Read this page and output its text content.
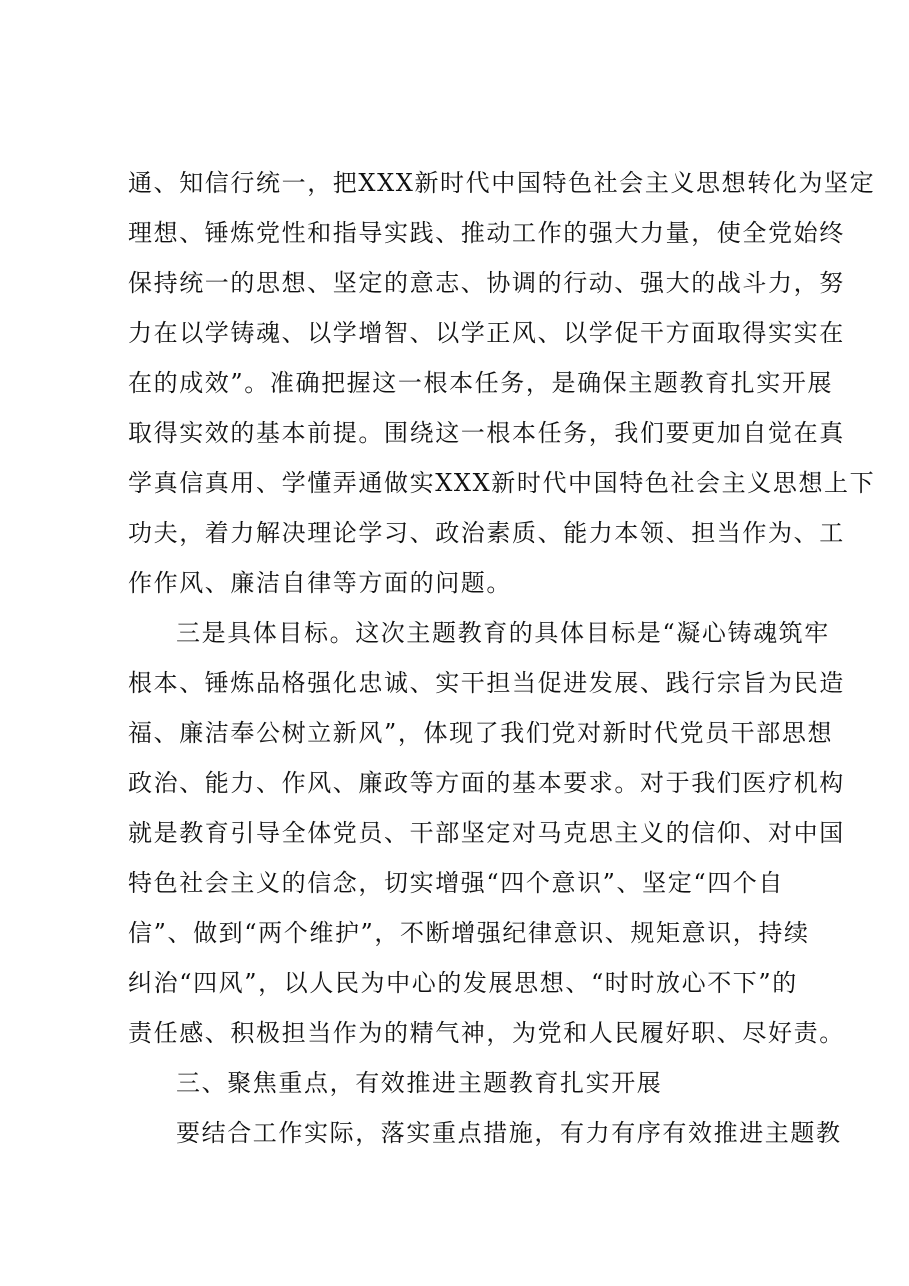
通、知信行统一，把XXX新时代中国特色社会主义思想转化为坚定
理想、锤炼党性和指导实践、推动工作的强大力量，使全党始终
保持统一的思想、坚定的意志、协调的行动、强大的战斗力，努
力在以学铸魂、以学增智、以学正风、以学促干方面取得实实在
在的成效”。准确把握这一根本任务，是确保主题教育扎实开展
取得实效的基本前提。围绕这一根本任务，我们要更加自觉在真
学真信真用、学懂弄通做实XXX新时代中国特色社会主义思想上下
功夫，着力解决理论学习、政治素质、能力本领、担当作为、工
作作风、廉洁自律等方面的问题。
三是具体目标。这次主题教育的具体目标是“凝心铸魂筑牢
根本、锤炼品格强化忠诚、实干担当促进发展、践行宗旨为民造
福、廉洁奉公树立新风”，体现了我们党对新时代党员干部思想
政治、能力、作风、廉政等方面的基本要求。对于我们医疗机构
就是教育引导全体党员、干部坚定对马克思主义的信仰、对中国
特色社会主义的信念，切实增强“四个意识”、坚定“四个自
信”、做到“两个维护”，不断增强纪律意识、规矩意识，持续
纠治“四风”，以人民为中心的发展思想、“时时放心不下”的
责任感、积极担当作为的精气神，为党和人民履好职、尽好责。
三、聚焦重点，有效推进主题教育扎实开展
要结合工作实际，落实重点措施，有力有序有效推进主题教
